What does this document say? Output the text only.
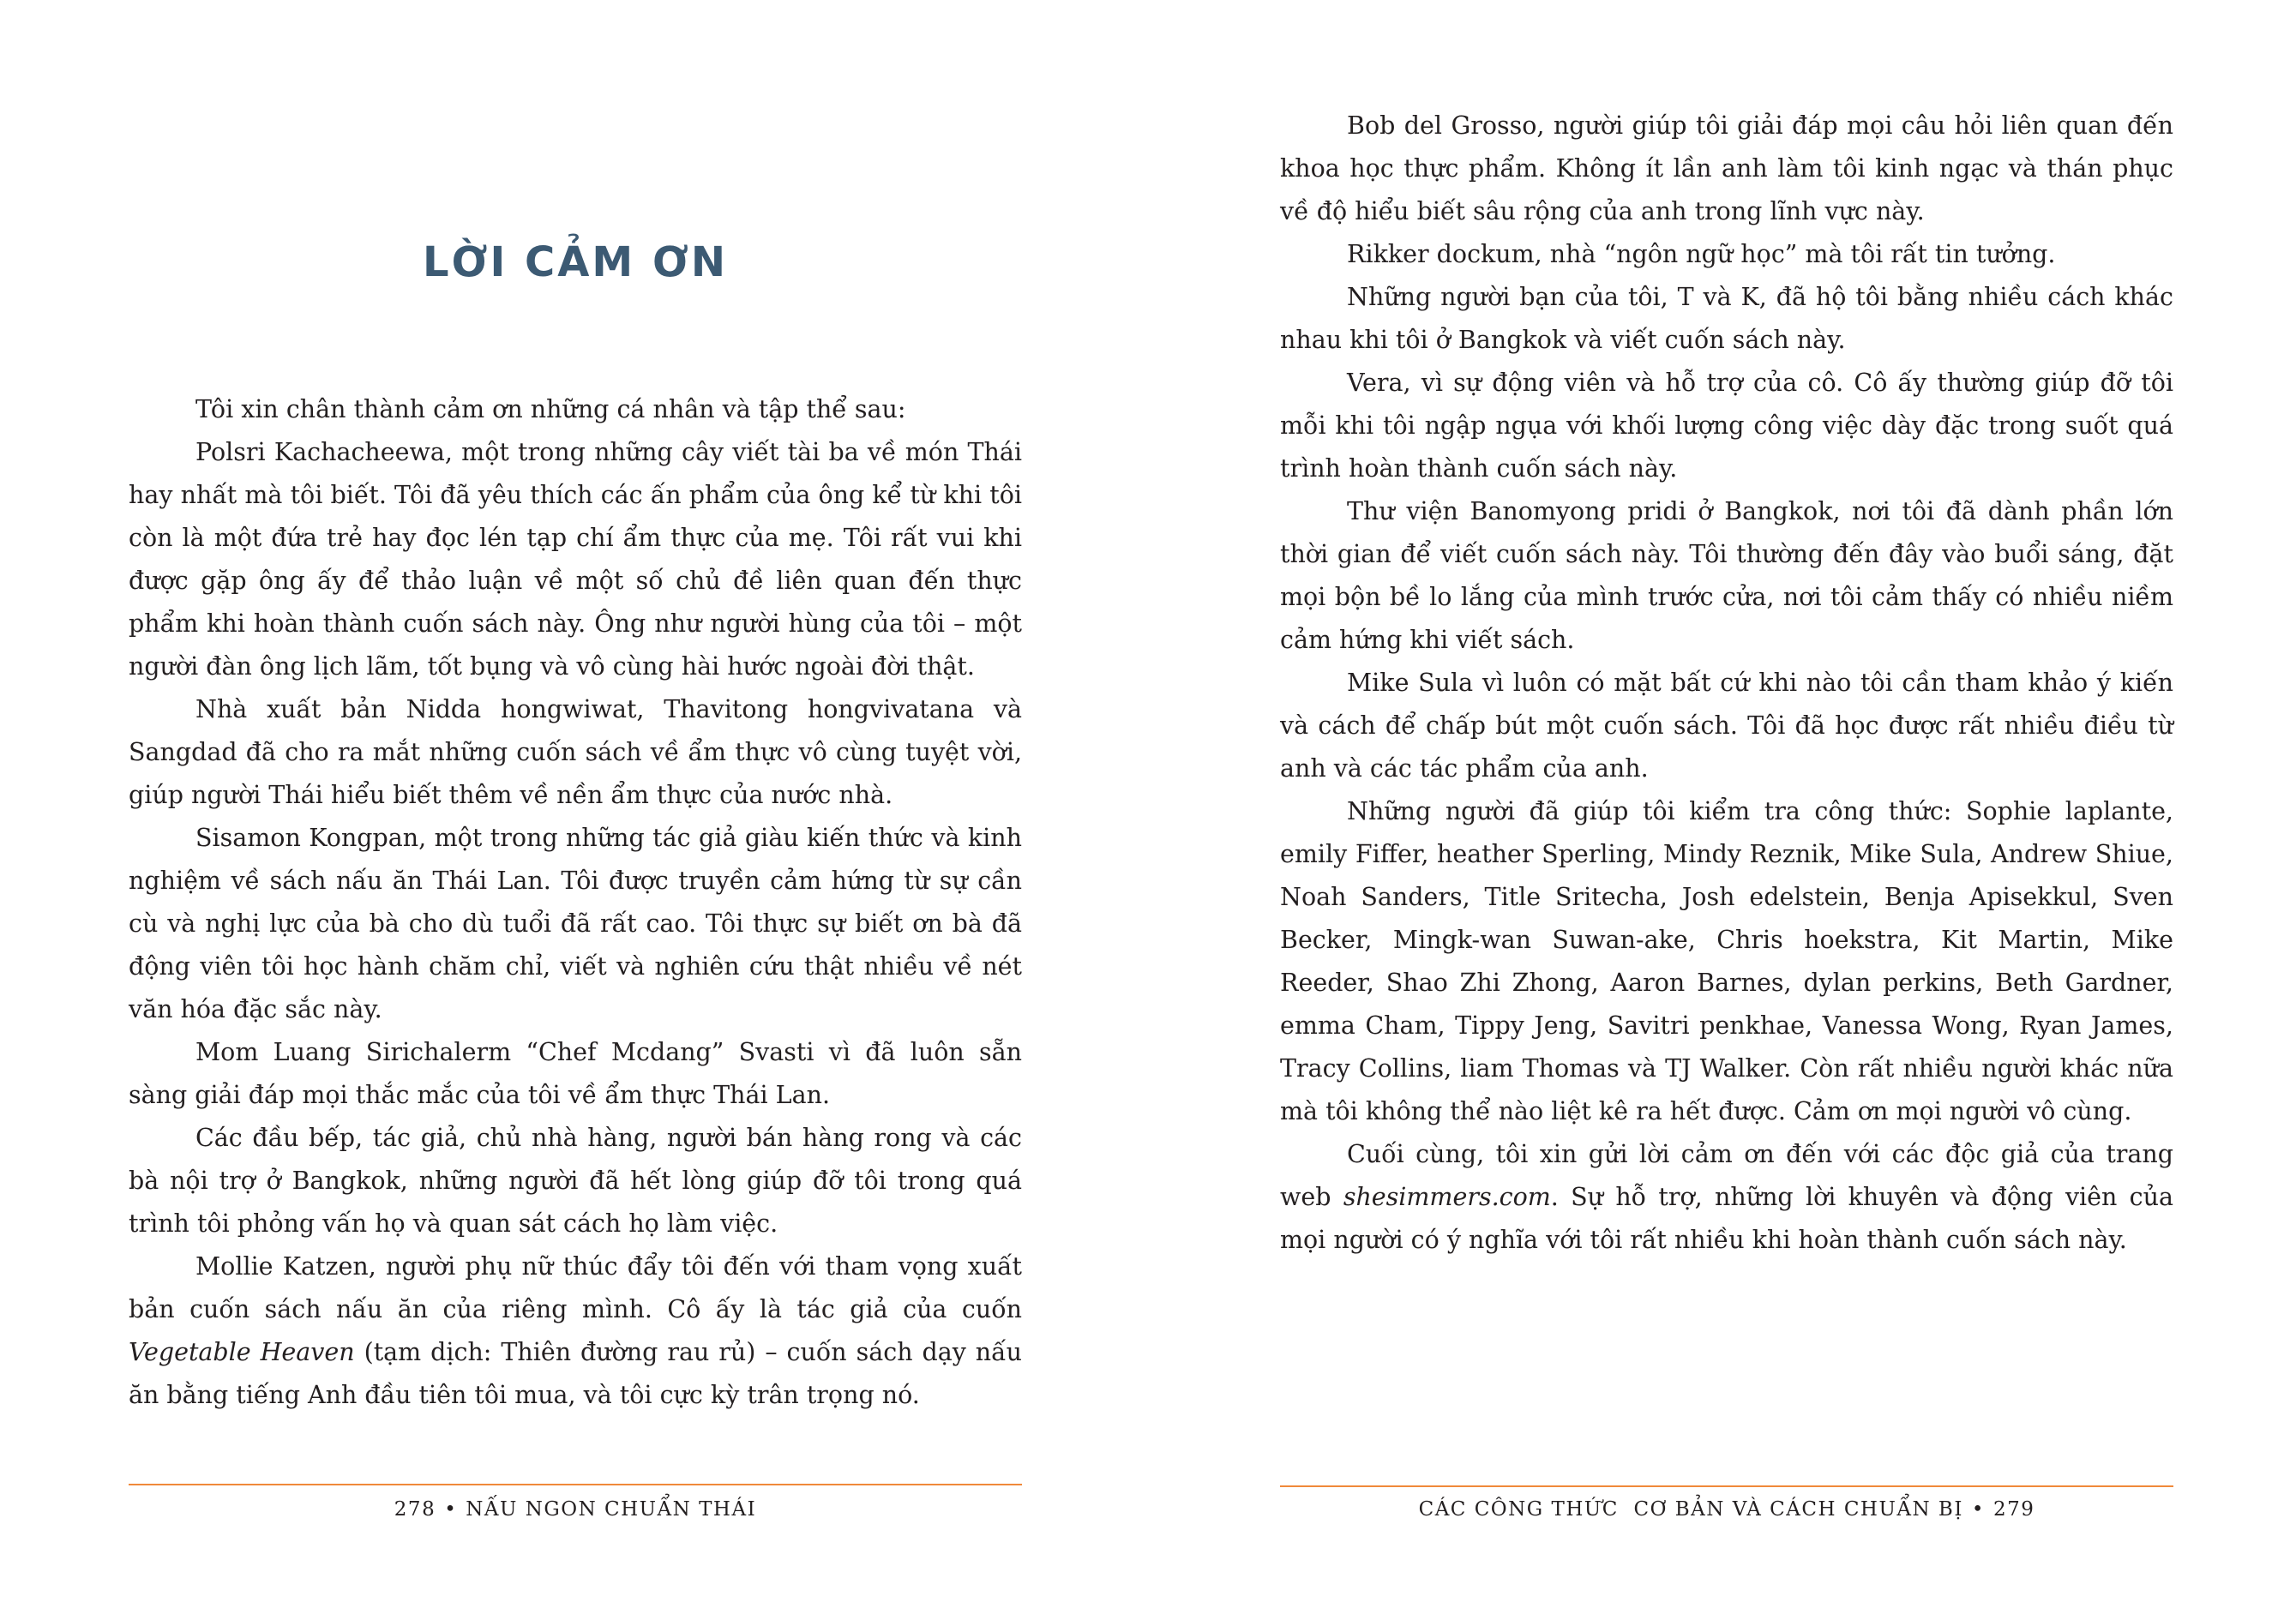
LỜI CẢM ƠN

Tôi xin chân thành cảm ơn những cá nhân và tập thể sau:

Polsri Kachacheewa, một trong những cây viết tài ba về món Thái hay nhất mà tôi biết. Tôi đã yêu thích các ấn phẩm của ông kể từ khi tôi còn là một đứa trẻ hay đọc lén tạp chí ẩm thực của mẹ. Tôi rất vui khi được gặp ông ấy để thảo luận về một số chủ đề liên quan đến thực phẩm khi hoàn thành cuốn sách này. Ông như người hùng của tôi – một người đàn ông lịch lãm, tốt bụng và vô cùng hài hước ngoài đời thật.

Nhà xuất bản Nidda hongwiwat, Thavitong hongvivatana và Sangdad đã cho ra mắt những cuốn sách về ẩm thực vô cùng tuyệt vời, giúp người Thái hiểu biết thêm về nền ẩm thực của nước nhà.

Sisamon Kongpan, một trong những tác giả giàu kiến thức và kinh nghiệm về sách nấu ăn Thái Lan. Tôi được truyền cảm hứng từ sự cần cù và nghị lực của bà cho dù tuổi đã rất cao. Tôi thực sự biết ơn bà đã động viên tôi học hành chăm chỉ, viết và nghiên cứu thật nhiều về nét văn hóa đặc sắc này.

Mom Luang Sirichalerm “Chef Mcdang” Svasti vì đã luôn sẵn sàng giải đáp mọi thắc mắc của tôi về ẩm thực Thái Lan.

Các đầu bếp, tác giả, chủ nhà hàng, người bán hàng rong và các bà nội trợ ở Bangkok, những người đã hết lòng giúp đỡ tôi trong quá trình tôi phỏng vấn họ và quan sát cách họ làm việc.

Mollie Katzen, người phụ nữ thúc đẩy tôi đến với tham vọng xuất bản cuốn sách nấu ăn của riêng mình. Cô ấy là tác giả của cuốn Vegetable Heaven (tạm dịch: Thiên đường rau rủ) – cuốn sách dạy nấu ăn bằng tiếng Anh đầu tiên tôi mua, và tôi cực kỳ trân trọng nó.

278 • NẤU NGON CHUẨN THÁI

Bob del Grosso, người giúp tôi giải đáp mọi câu hỏi liên quan đến khoa học thực phẩm. Không ít lần anh làm tôi kinh ngạc và thán phục về độ hiểu biết sâu rộng của anh trong lĩnh vực này.

Rikker dockum, nhà “ngôn ngữ học” mà tôi rất tin tưởng.

Những người bạn của tôi, T và K, đã hộ tôi bằng nhiều cách khác nhau khi tôi ở Bangkok và viết cuốn sách này.

Vera, vì sự động viên và hỗ trợ của cô. Cô ấy thường giúp đỡ tôi mỗi khi tôi ngập ngụa với khối lượng công việc dày đặc trong suốt quá trình hoàn thành cuốn sách này.

Thư viện Banomyong pridi ở Bangkok, nơi tôi đã dành phần lớn thời gian để viết cuốn sách này. Tôi thường đến đây vào buổi sáng, đặt mọi bộn bề lo lắng của mình trước cửa, nơi tôi cảm thấy có nhiều niềm cảm hứng khi viết sách.

Mike Sula vì luôn có mặt bất cứ khi nào tôi cần tham khảo ý kiến và cách để chấp bút một cuốn sách. Tôi đã học được rất nhiều điều từ anh và các tác phẩm của anh.

Những người đã giúp tôi kiểm tra công thức: Sophie laplante, emily Fiffer, heather Sperling, Mindy Reznik, Mike Sula, Andrew Shiue, Noah Sanders, Title Sritecha, Josh edelstein, Benja Apisekkul, Sven Becker, Mingk-wan Suwan-ake, Chris hoekstra, Kit Martin, Mike Reeder, Shao Zhi Zhong, Aaron Barnes, dylan perkins, Beth Gardner, emma Cham, Tippy Jeng, Savitri penkhae, Vanessa Wong, Ryan James, Tracy Collins, liam Thomas và TJ Walker. Còn rất nhiều người khác nữa mà tôi không thể nào liệt kê ra hết được. Cảm ơn mọi người vô cùng.

Cuối cùng, tôi xin gửi lời cảm ơn đến với các độc giả của trang web shesimmers.com. Sự hỗ trợ, những lời khuyên và động viên của mọi người có ý nghĩa với tôi rất nhiều khi hoàn thành cuốn sách này.

CÁC CÔNG THỨC  CƠ BẢN VÀ CÁCH CHUẨN BỊ • 279
